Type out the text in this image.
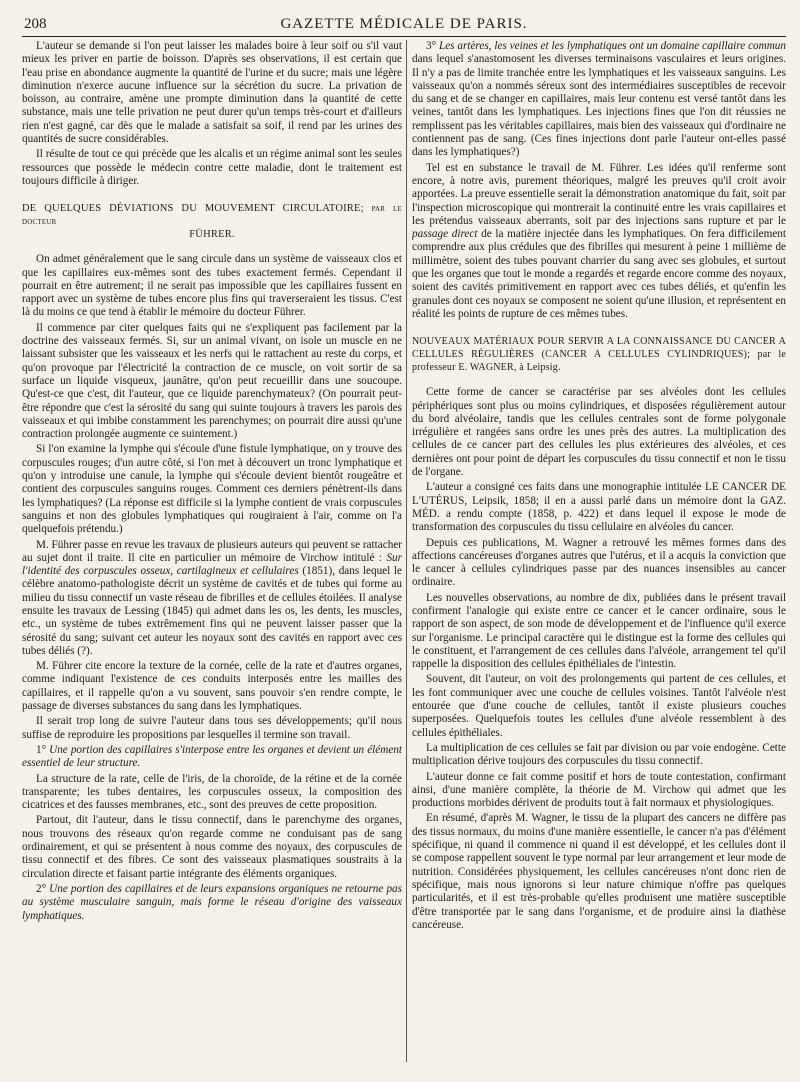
208	GAZETTE MÉDICALE DE PARIS.

L'auteur se demande si l'on peut laisser les malades boire à leur soif ou s'il vaut mieux les priver en partie de boisson. D'après ses observations, il est certain que l'eau prise en abondance augmente la quantité de l'urine et du sucre; mais une légère diminution n'exerce aucune influence sur la sécrétion du sucre. La privation de boisson, au contraire, amène une prompte diminution dans la quantité de cette substance, mais une telle privation ne peut durer qu'un temps très-court et d'ailleurs rien n'est gagné, car dès que le malade a satisfait sa soif, il rend par les urines des quantités de sucre considérables.

Il résulte de tout ce qui précède que les alcalis et un régime animal sont les seules ressources que possède le médecin contre cette maladie, dont le traitement est toujours difficile à diriger.

DE QUELQUES DÉVIATIONS DU MOUVEMENT CIRCULATOIRE; par le docteur
FÜHRER.

On admet généralement que le sang circule dans un système de vaisseaux clos et que les capillaires eux-mêmes sont des tubes exactement fermés. Cependant il pourrait en être autrement; il ne serait pas impossible que les capillaires fussent en rapport avec un système de tubes encore plus fins qui traverseraient les tissus. C'est là du moins ce que tend à établir le mémoire du docteur Führer.

Il commence par citer quelques faits qui ne s'expliquent pas facilement par la doctrine des vaisseaux fermés. Si, sur un animal vivant, on isole un muscle en ne laissant subsister que les vaisseaux et les nerfs qui le rattachent au reste du corps, et qu'on provoque par l'électricité la contraction de ce muscle, on voit sortir de sa surface un liquide visqueux, jaunâtre, qu'on peut recueillir dans une soucoupe. Qu'est-ce que c'est, dit l'auteur, que ce liquide parenchymateux? (On pourrait peut-être répondre que c'est la sérosité du sang qui suinte toujours à travers les parois des vaisseaux et qui imbibe constamment les parenchymes; on pourrait dire aussi qu'une contraction prolongée augmente ce suintement.)

Si l'on examine la lymphe qui s'écoule d'une fistule lymphatique, on y trouve des corpuscules rouges; d'un autre côté, si l'on met à découvert un tronc lymphatique et qu'on y introduise une canule, la lymphe qui s'écoule devient bientôt rougeâtre et contient des corpuscules sanguins rouges. Comment ces derniers pénètrent-ils dans les lymphatiques? (La réponse est difficile si la lymphe contient de vrais corpuscules sanguins et non des globules lymphatiques qui rougiraient à l'air, comme on l'a quelquefois prétendu.)

M. Führer passe en revue les travaux de plusieurs auteurs qui peuvent se rattacher au sujet dont il traite. Il cite en particulier un mémoire de Virchow intitulé : Sur l'identité des corpuscules osseux, cartilagineux et cellulaires (1851), dans lequel le célèbre anatomo-pathologiste décrit un système de cavités et de tubes qui forme au milieu du tissu connectif un vaste réseau de fibrilles et de cellules étoilées. Il analyse ensuite les travaux de Lessing (1845) qui admet dans les os, les dents, les muscles, etc., un système de tubes extrêmement fins qui ne peuvent laisser passer que la sérosité du sang; suivant cet auteur les noyaux sont des cavités en rapport avec ces tubes déliés (?).

M. Führer cite encore la texture de la cornée, celle de la rate et d'autres organes, comme indiquant l'existence de ces conduits interposés entre les mailles des capillaires, et il rappelle qu'on a vu souvent, sans pouvoir s'en rendre compte, le passage de diverses substances du sang dans les lymphatiques.

Il serait trop long de suivre l'auteur dans tous ses développements; qu'il nous suffise de reproduire les propositions par lesquelles il termine son travail.

1° Une portion des capillaires s'interpose entre les organes et devient un élément essentiel de leur structure.

La structure de la rate, celle de l'iris, de la choroïde, de la rétine et de la cornée transparente; les tubes dentaires, les corpuscules osseux, la composition des cicatrices et des fausses membranes, etc., sont des preuves de cette proposition.

Partout, dit l'auteur, dans le tissu connectif, dans le parenchyme des organes, nous trouvons des réseaux qu'on regarde comme ne conduisant pas de sang ordinairement, et qui se présentent à nous comme des noyaux, des corpuscules de tissu connectif et des fibres. Ce sont des vaisseaux plasmatiques soustraits à la circulation directe et faisant partie intégrante des éléments organiques.

2° Une portion des capillaires et de leurs expansions organiques ne retourne pas au système musculaire sanguin, mais forme le réseau d'origine des vaisseaux lymphatiques.

3° Les artères, les veines et les lymphatiques ont un domaine capillaire commun dans lequel s'anastomosent les diverses terminaisons vasculaires et leurs origines. Il n'y a pas de limite tranchée entre les lymphatiques et les vaisseaux sanguins. Les vaisseaux qu'on a nommés séreux sont des intermédiaires susceptibles de recevoir du sang et de se changer en capillaires, mais leur contenu est versé tantôt dans les veines, tantôt dans les lymphatiques. Les injections fines que l'on dit réussies ne remplissent pas les véritables capillaires, mais bien des vaisseaux qui d'ordinaire ne contiennent pas de sang. (Ces fines injections dont parle l'auteur ont-elles passé dans les lymphatiques?)

Tel est en substance le travail de M. Führer. Les idées qu'il renferme sont encore, à notre avis, purement théoriques, malgré les preuves qu'il croit avoir apportées. La preuve essentielle serait la démonstration anatomique du fait, soit par l'inspection microscopique qui montrerait la continuité entre les vrais capillaires et les prétendus vaisseaux aberrants, soit par des injections sans rupture et par le passage direct de la matière injectée dans les lymphatiques. On fera difficilement comprendre aux plus crédules que des fibrilles qui mesurent à peine 1 millième de millimètre, soient des tubes pouvant charrier du sang avec ses globules, et surtout que les organes que tout le monde a regardés et regarde encore comme des noyaux, soient des cavités primitivement en rapport avec ces tubes déliés, et qu'enfin les granules dont ces noyaux se composent ne soient qu'une illusion, et représentent en réalité les points de rupture de ces mêmes tubes.

NOUVEAUX MATÉRIAUX POUR SERVIR A LA CONNAISSANCE DU CANCER A CELLULES RÉGULIÈRES (CANCER A CELLULES CYLINDRIQUES); par le professeur E. WAGNER, à Leipsig.

Cette forme de cancer se caractérise par ses alvéoles dont les cellules périphériques sont plus ou moins cylindriques, et disposées régulièrement autour du bord alvéolaire, tandis que les cellules centrales sont de forme polygonale irrégulière et rangées sans ordre les unes près des autres. La multiplication des cellules de ce cancer part des cellules les plus extérieures des alvéoles, et ces dernières ont pour point de départ les corpuscules du tissu connectif et non le tissu de l'organe.

L'auteur a consigné ces faits dans une monographie intitulée LE CANCER DE L'UTÉRUS, Leipsik, 1858; il en a aussi parlé dans un mémoire dont la GAZ. MÉD. a rendu compte (1858, p. 422) et dans lequel il expose le mode de transformation des corpuscules du tissu cellulaire en alvéoles du cancer.

Depuis ces publications, M. Wagner a retrouvé les mêmes formes dans des affections cancéreuses d'organes autres que l'utérus, et il a acquis la conviction que le cancer à cellules cylindriques passe par des nuances insensibles au cancer ordinaire.

Les nouvelles observations, au nombre de dix, publiées dans le présent travail confirment l'analogie qui existe entre ce cancer et le cancer ordinaire, sous le rapport de son aspect, de son mode de développement et de l'influence qu'il exerce sur l'organisme. Le principal caractère qui le distingue est la forme des cellules qui le constituent, et l'arrangement de ces cellules dans l'alvéole, arrangement tel qu'il rappelle la disposition des cellules épithéliales de l'intestin.

Souvent, dit l'auteur, on voit des prolongements qui partent de ces cellules, et les font communiquer avec une couche de cellules voisines. Tantôt l'alvéole n'est entourée que d'une couche de cellules, tantôt il existe plusieurs couches superposées. Quelquefois toutes les cellules d'une alvéole ressemblent à des cellules épithéliales.

La multiplication de ces cellules se fait par division ou par voie endogène. Cette multiplication dérive toujours des corpuscules du tissu connectif.

L'auteur donne ce fait comme positif et hors de toute contestation, confirmant ainsi, d'une manière complète, la théorie de M. Virchow qui admet que les productions morbides dérivent de produits tout à fait normaux et physiologiques.

En résumé, d'après M. Wagner, le tissu de la plupart des cancers ne diffère pas des tissus normaux, du moins d'une manière essentielle, le cancer n'a pas d'élément spécifique, ni quand il commence ni quand il est développé, et les cellules dont il se compose rappellent souvent le type normal par leur arrangement et leur mode de nutrition. Considérées physiquement, les cellules cancéreuses n'ont donc rien de spécifique, mais nous ignorons si leur nature chimique n'offre pas quelques particularités, et il est très-probable qu'elles produisent une matière susceptible d'être transportée par le sang dans l'organisme, et de produire ainsi la diathèse cancéreuse.
